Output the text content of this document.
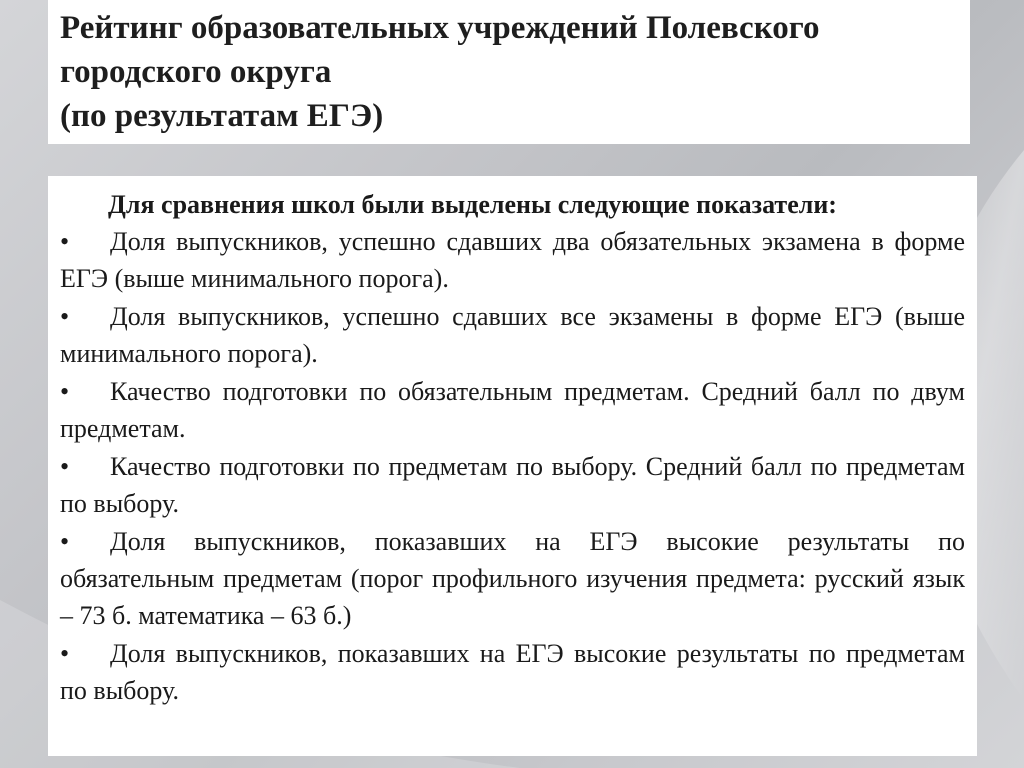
Рейтинг образовательных учреждений Полевского
городского округа
(по результатам ЕГЭ)

Для сравнения школ были выделены следующие показатели:

•	Доля выпускников, успешно сдавших два обязательных экзамена в форме ЕГЭ (выше минимального порога).
•	Доля выпускников, успешно сдавших все экзамены в форме ЕГЭ (выше минимального порога).
•	Качество подготовки по обязательным предметам. Средний балл по двум предметам.
•	Качество подготовки по предметам по выбору. Средний балл по предметам по выбору.
•	Доля выпускников, показавших на ЕГЭ высокие результаты по обязательным предметам (порог профильного изучения предмета: русский язык – 73 б. математика – 63 б.)
•	Доля выпускников, показавших на ЕГЭ высокие результаты по предметам по выбору.
